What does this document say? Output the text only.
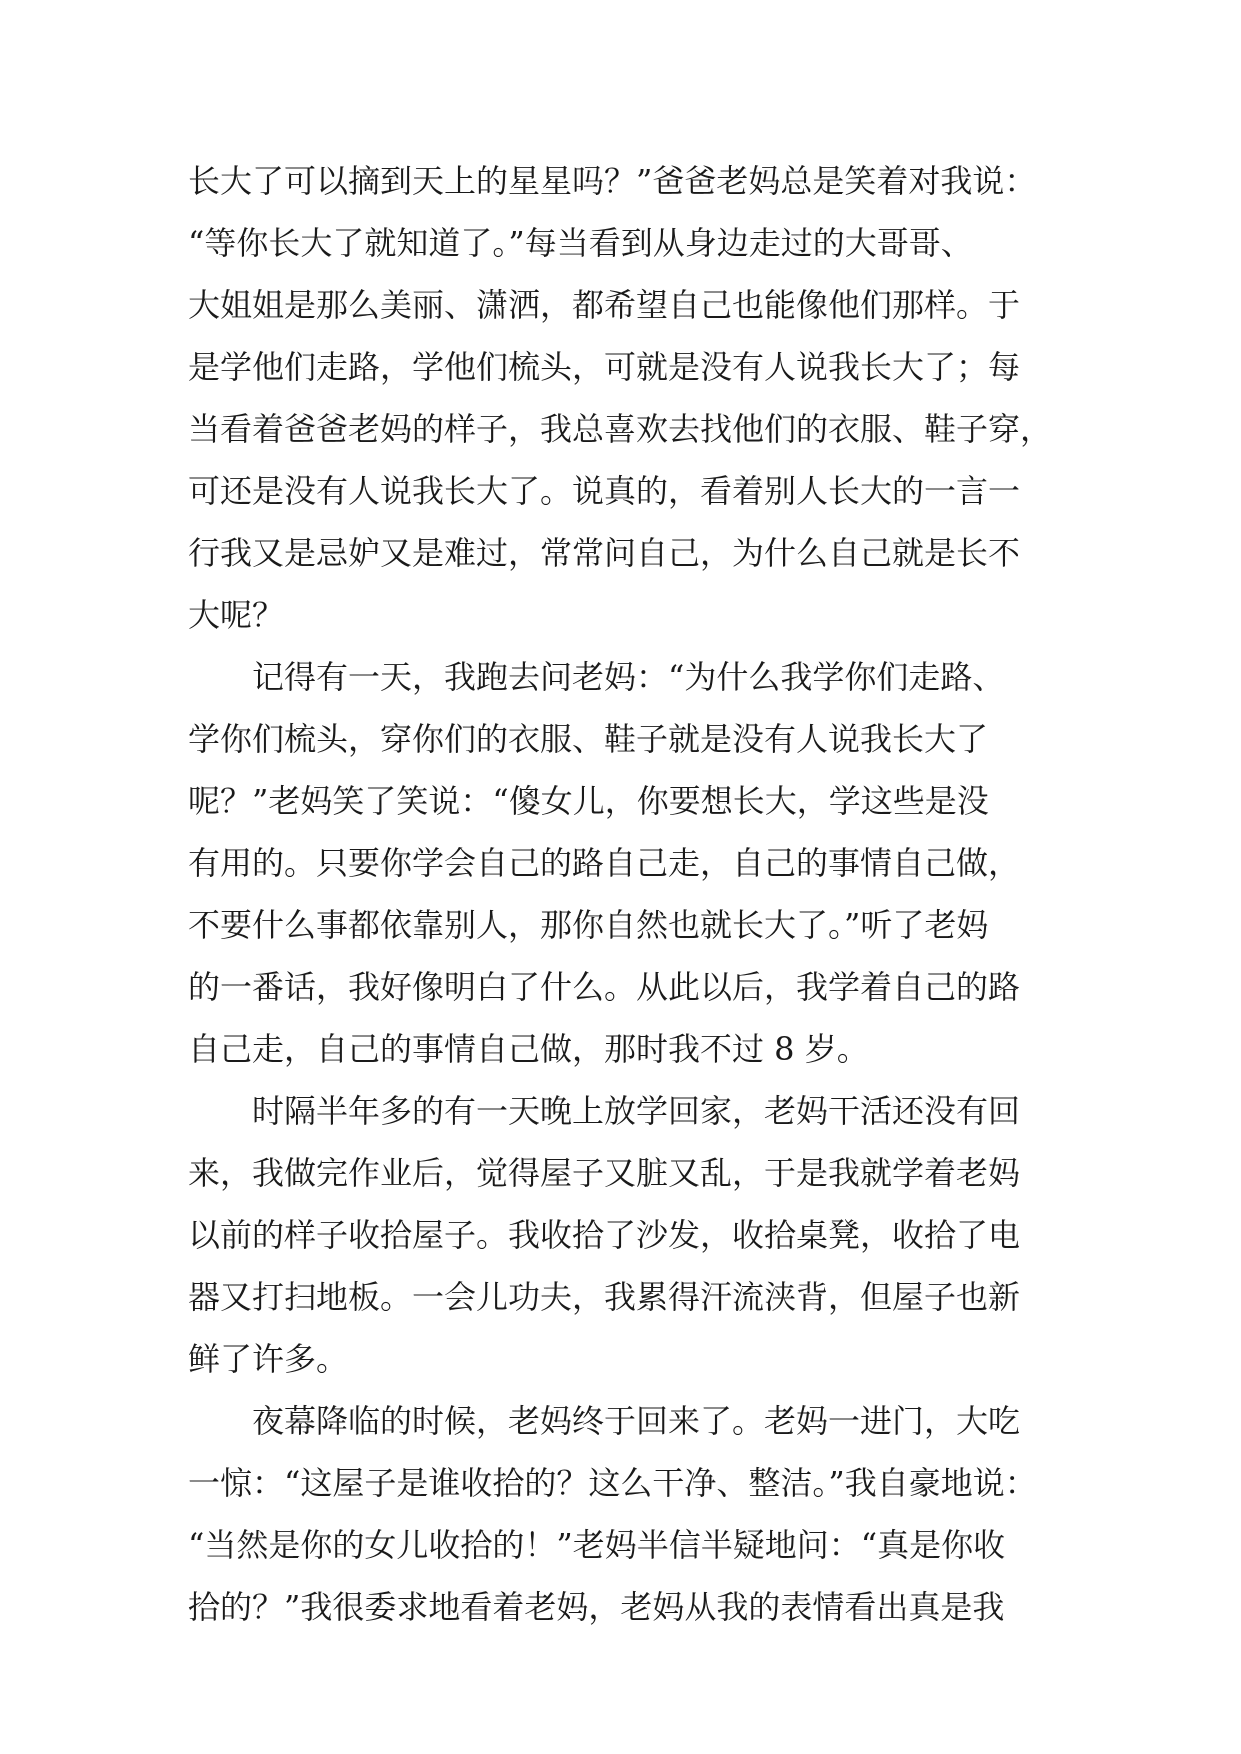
长大了可以摘到天上的星星吗？”爸爸老妈总是笑着对我说：
“等你长大了就知道了。”每当看到从身边走过的大哥哥、
大姐姐是那么美丽、潇洒，都希望自己也能像他们那样。于
是学他们走路，学他们梳头，可就是没有人说我长大了；每
当看着爸爸老妈的样子，我总喜欢去找他们的衣服、鞋子穿，
可还是没有人说我长大了。说真的，看着别人长大的一言一
行我又是忌妒又是难过，常常问自己，为什么自己就是长不
大呢？
记得有一天，我跑去问老妈：“为什么我学你们走路、
学你们梳头，穿你们的衣服、鞋子就是没有人说我长大了
呢？”老妈笑了笑说：“傻女儿，你要想长大，学这些是没
有用的。只要你学会自己的路自己走，自己的事情自己做，
不要什么事都依靠别人，那你自然也就长大了。”听了老妈
的一番话，我好像明白了什么。从此以后，我学着自己的路
自己走，自己的事情自己做，那时我不过 8 岁。
时隔半年多的有一天晚上放学回家，老妈干活还没有回
来，我做完作业后，觉得屋子又脏又乱，于是我就学着老妈
以前的样子收拾屋子。我收拾了沙发，收拾桌凳，收拾了电
器又打扫地板。一会儿功夫，我累得汗流浃背，但屋子也新
鲜了许多。
夜幕降临的时候，老妈终于回来了。老妈一进门，大吃
一惊：“这屋子是谁收拾的？这么干净、整洁。”我自豪地说：
“当然是你的女儿收拾的！”老妈半信半疑地问：“真是你收
拾的？”我很委求地看着老妈，老妈从我的表情看出真是我
